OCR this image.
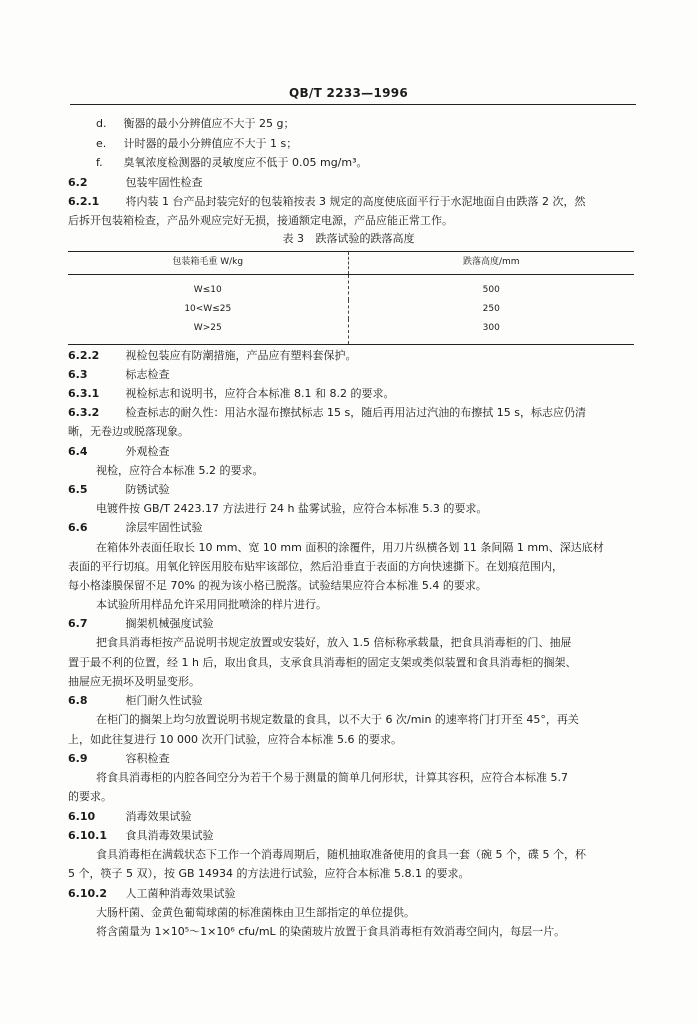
QB/T 2233—1996
d. 衡器的最小分辨值应不大于 25 g；
e. 计时器的最小分辨值应不大于 1 s；
f. 臭氧浓度检测器的灵敏度应不低于 0.05 mg/m³。
6.2	包装牢固性检查
6.2.1 将内装 1 台产品封装完好的包装箱按表 3 规定的高度使底面平行于水泥地面自由跌落 2 次，然
后拆开包装箱检查，产品外观应完好无损，接通额定电源，产品应能正常工作。
表 3 跌落试验的跌落高度
包装箱毛重 W/kg	跌落高度/mm
W≤10	500
10<W≤25	250
W>25	300
6.2.2 视检包装应有防潮措施，产品应有塑料套保护。
6.3	标志检查
6.3.1 视检标志和说明书，应符合本标准 8.1 和 8.2 的要求。
6.3.2 检查标志的耐久性：用沾水湿布擦拭标志 15 s，随后再用沾过汽油的布擦拭 15 s，标志应仍清
晰，无卷边或脱落现象。
6.4	外观检查
视检，应符合本标准 5.2 的要求。
6.5	防锈试验
电镀件按 GB/T 2423.17 方法进行 24 h 盐雾试验，应符合本标准 5.3 的要求。
6.6	涂层牢固性试验
在箱体外表面任取长 10 mm、宽 10 mm 面积的涂覆件，用刀片纵横各划 11 条间隔 1 mm、深达底材
表面的平行切痕。用氧化锌医用胶布贴牢该部位，然后沿垂直于表面的方向快速撕下。在划痕范围内，
每小格漆膜保留不足 70% 的视为该小格已脱落。试验结果应符合本标准 5.4 的要求。
本试验所用样品允许采用同批喷涂的样片进行。
6.7	搁架机械强度试验
把食具消毒柜按产品说明书规定放置或安装好，放入 1.5 倍标称承载量，把食具消毒柜的门、抽屉
置于最不利的位置，经 1 h 后，取出食具，支承食具消毒柜的固定支架或类似装置和食具消毒柜的搁架、
抽屉应无损坏及明显变形。
6.8	柜门耐久性试验
在柜门的搁架上均匀放置说明书规定数量的食具，以不大于 6 次/min 的速率将门打开至 45°，再关
上，如此往复进行 10 000 次开门试验，应符合本标准 5.6 的要求。
6.9	容积检查
将食具消毒柜的内腔各间空分为若干个易于测量的简单几何形状，计算其容积，应符合本标准 5.7
的要求。
6.10	消毒效果试验
6.10.1 食具消毒效果试验
食具消毒柜在满载状态下工作一个消毒周期后，随机抽取准备使用的食具一套（碗 5 个，碟 5 个，杯
5 个，筷子 5 双），按 GB 14934 的方法进行试验，应符合本标准 5.8.1 的要求。
6.10.2 人工菌种消毒效果试验
大肠杆菌、金黄色葡萄球菌的标准菌株由卫生部指定的单位提供。
将含菌量为 1×10⁵～1×10⁶ cfu/mL 的染菌玻片放置于食具消毒柜有效消毒空间内，每层一片。
